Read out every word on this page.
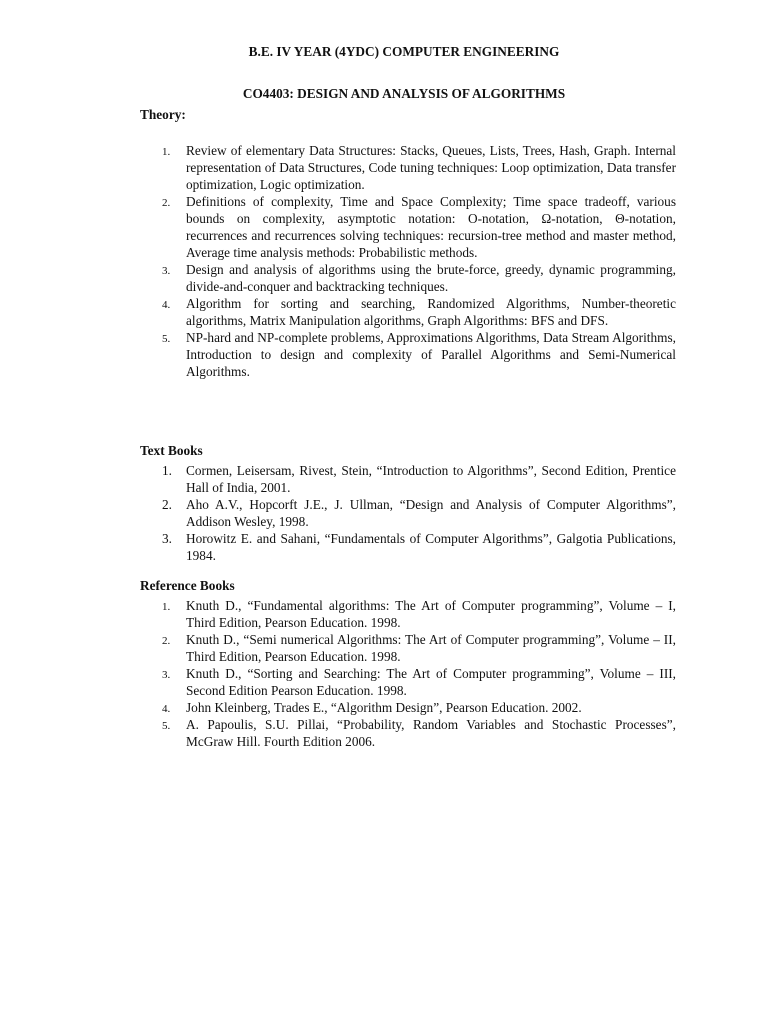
B.E. IV YEAR (4YDC) COMPUTER ENGINEERING
CO4403: DESIGN AND ANALYSIS OF ALGORITHMS
Theory:
1. Review of elementary Data Structures: Stacks, Queues, Lists, Trees, Hash, Graph. Internal representation of Data Structures, Code tuning techniques: Loop optimization, Data transfer optimization, Logic optimization.
2. Definitions of complexity, Time and Space Complexity; Time space tradeoff, various bounds on complexity, asymptotic notation: O-notation, Ω-notation, Θ-notation, recurrences and recurrences solving techniques: recursion-tree method and master method, Average time analysis methods: Probabilistic methods.
3. Design and analysis of algorithms using the brute-force, greedy, dynamic programming, divide-and-conquer and backtracking techniques.
4. Algorithm for sorting and searching, Randomized Algorithms, Number-theoretic algorithms, Matrix Manipulation algorithms, Graph Algorithms: BFS and DFS.
5. NP-hard and NP-complete problems, Approximations Algorithms, Data Stream Algorithms, Introduction to design and complexity of Parallel Algorithms and Semi-Numerical Algorithms.
Text Books
1. Cormen, Leisersam, Rivest, Stein, “Introduction to Algorithms”, Second Edition, Prentice Hall of India, 2001.
2. Aho A.V., Hopcorft J.E., J. Ullman, “Design and Analysis of Computer Algorithms”, Addison Wesley, 1998.
3. Horowitz E. and Sahani, “Fundamentals of Computer Algorithms”, Galgotia Publications, 1984.
Reference Books
1. Knuth D., “Fundamental algorithms: The Art of Computer programming”, Volume – I, Third Edition, Pearson Education. 1998.
2. Knuth D., “Semi numerical Algorithms: The Art of Computer programming”, Volume – II, Third Edition, Pearson Education. 1998.
3. Knuth D., “Sorting and Searching: The Art of Computer programming”, Volume – III, Second Edition Pearson Education. 1998.
4. John Kleinberg, Trades E., “Algorithm Design”, Pearson Education. 2002.
5. A. Papoulis, S.U. Pillai, “Probability, Random Variables and Stochastic Processes”, McGraw Hill. Fourth Edition 2006.
